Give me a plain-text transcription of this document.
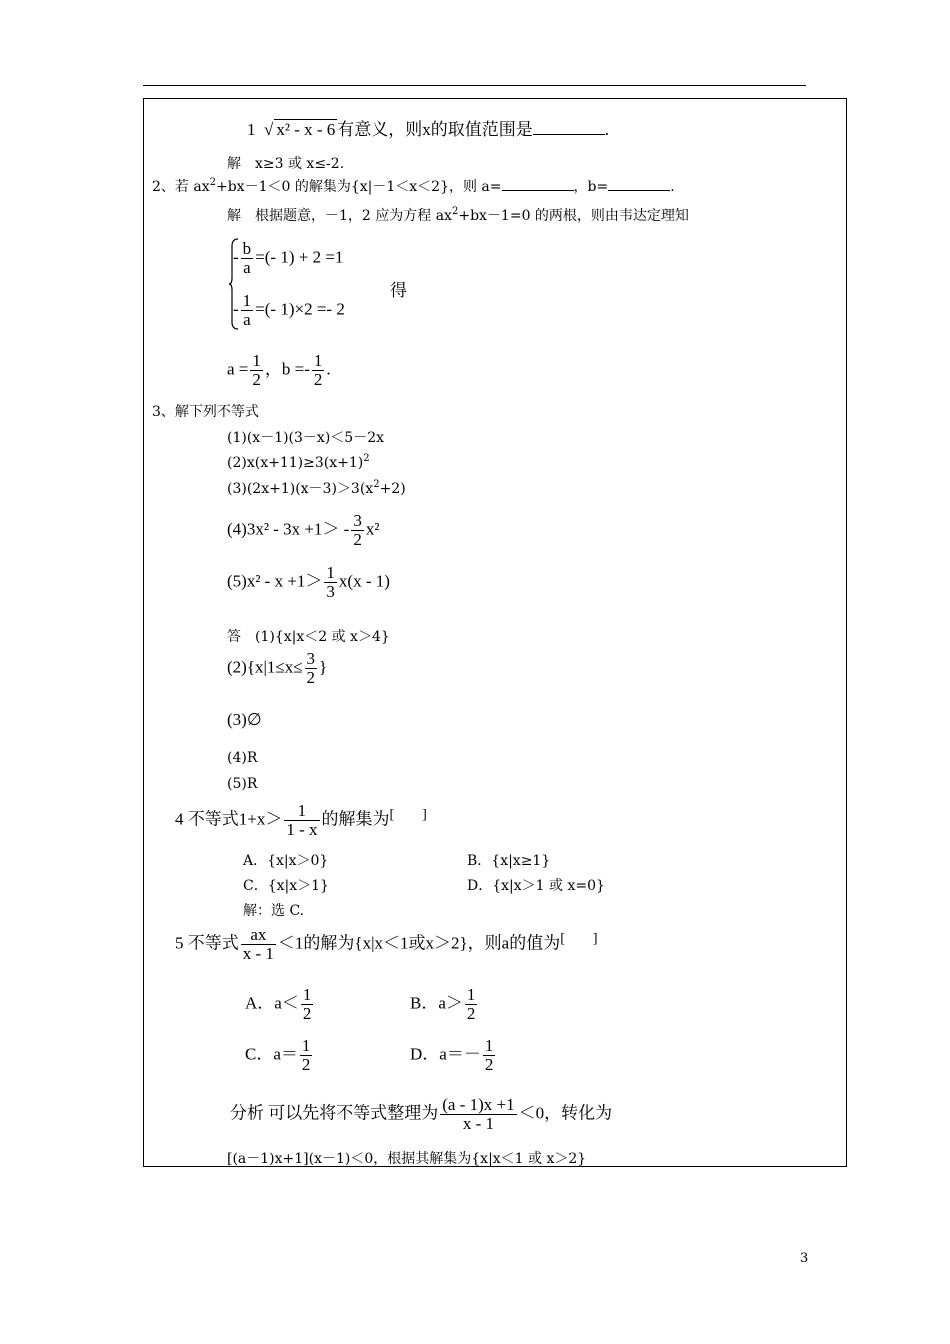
1 √ x² - x - 6 有意义，则x的取值范围是	.
解　x≥3 或 x≤-2.
2、若 $ax^2+bx-1<0$ 的解集为{x|－1＜x＜2}，则 a=	，b=	.
解　根据题意，－1，2 应为方程 $ax^2+bx-1=0$ 的两根，则由韦达定理知
- $\frac{b}{a}$ =(- 1) + 2 =1
得
- $\frac{1}{a}$ =(- 1)×2 =- 2
$a = \frac{1}{2}$ ，$b =- \frac{1}{2}$ .
3、解下列不等式
(1)(x－1)(3－x)＜5－2x
$(2)x(x+11)\ge 3(x+1)^2$
$(3)(2x+1)(x-3)>3(x^2+2)$
$(4)3x^2 - 3x +1> - \frac{3}{2} x^2$
$(5)x^2 - x +1> \frac{1}{3} x(x - 1)$
答　(1){x|x＜2 或 x＞4}
$(2)\{x|1\le x\le \frac{3}{2}$ }
(3)∅
(4)R
(5)R
4 不等式$1+x> \frac{1}{1 - x}$ 的解集为[　　]
A．{x|x＞0}	B．{x|x≥1}
C．{x|x＞1}	D．{x|x＞1 或 x=0}
解：选 C.
5 不等式 $\frac{ax}{x - 1} <1$的解为{x|x＜1或x＞2}，则a的值为[　　]
A．$a< \frac{1}{2}$	B．$a> \frac{1}{2}$
C．$a= \frac{1}{2}$	D．$a=- \frac{1}{2}$
分析 可以先将不等式整理为 $\frac{(a - 1)x +1}{x - 1} <0$，转化为
[(a－1)x+1](x－1)＜0，根据其解集为{x|x＜1 或 x＞2}
3
